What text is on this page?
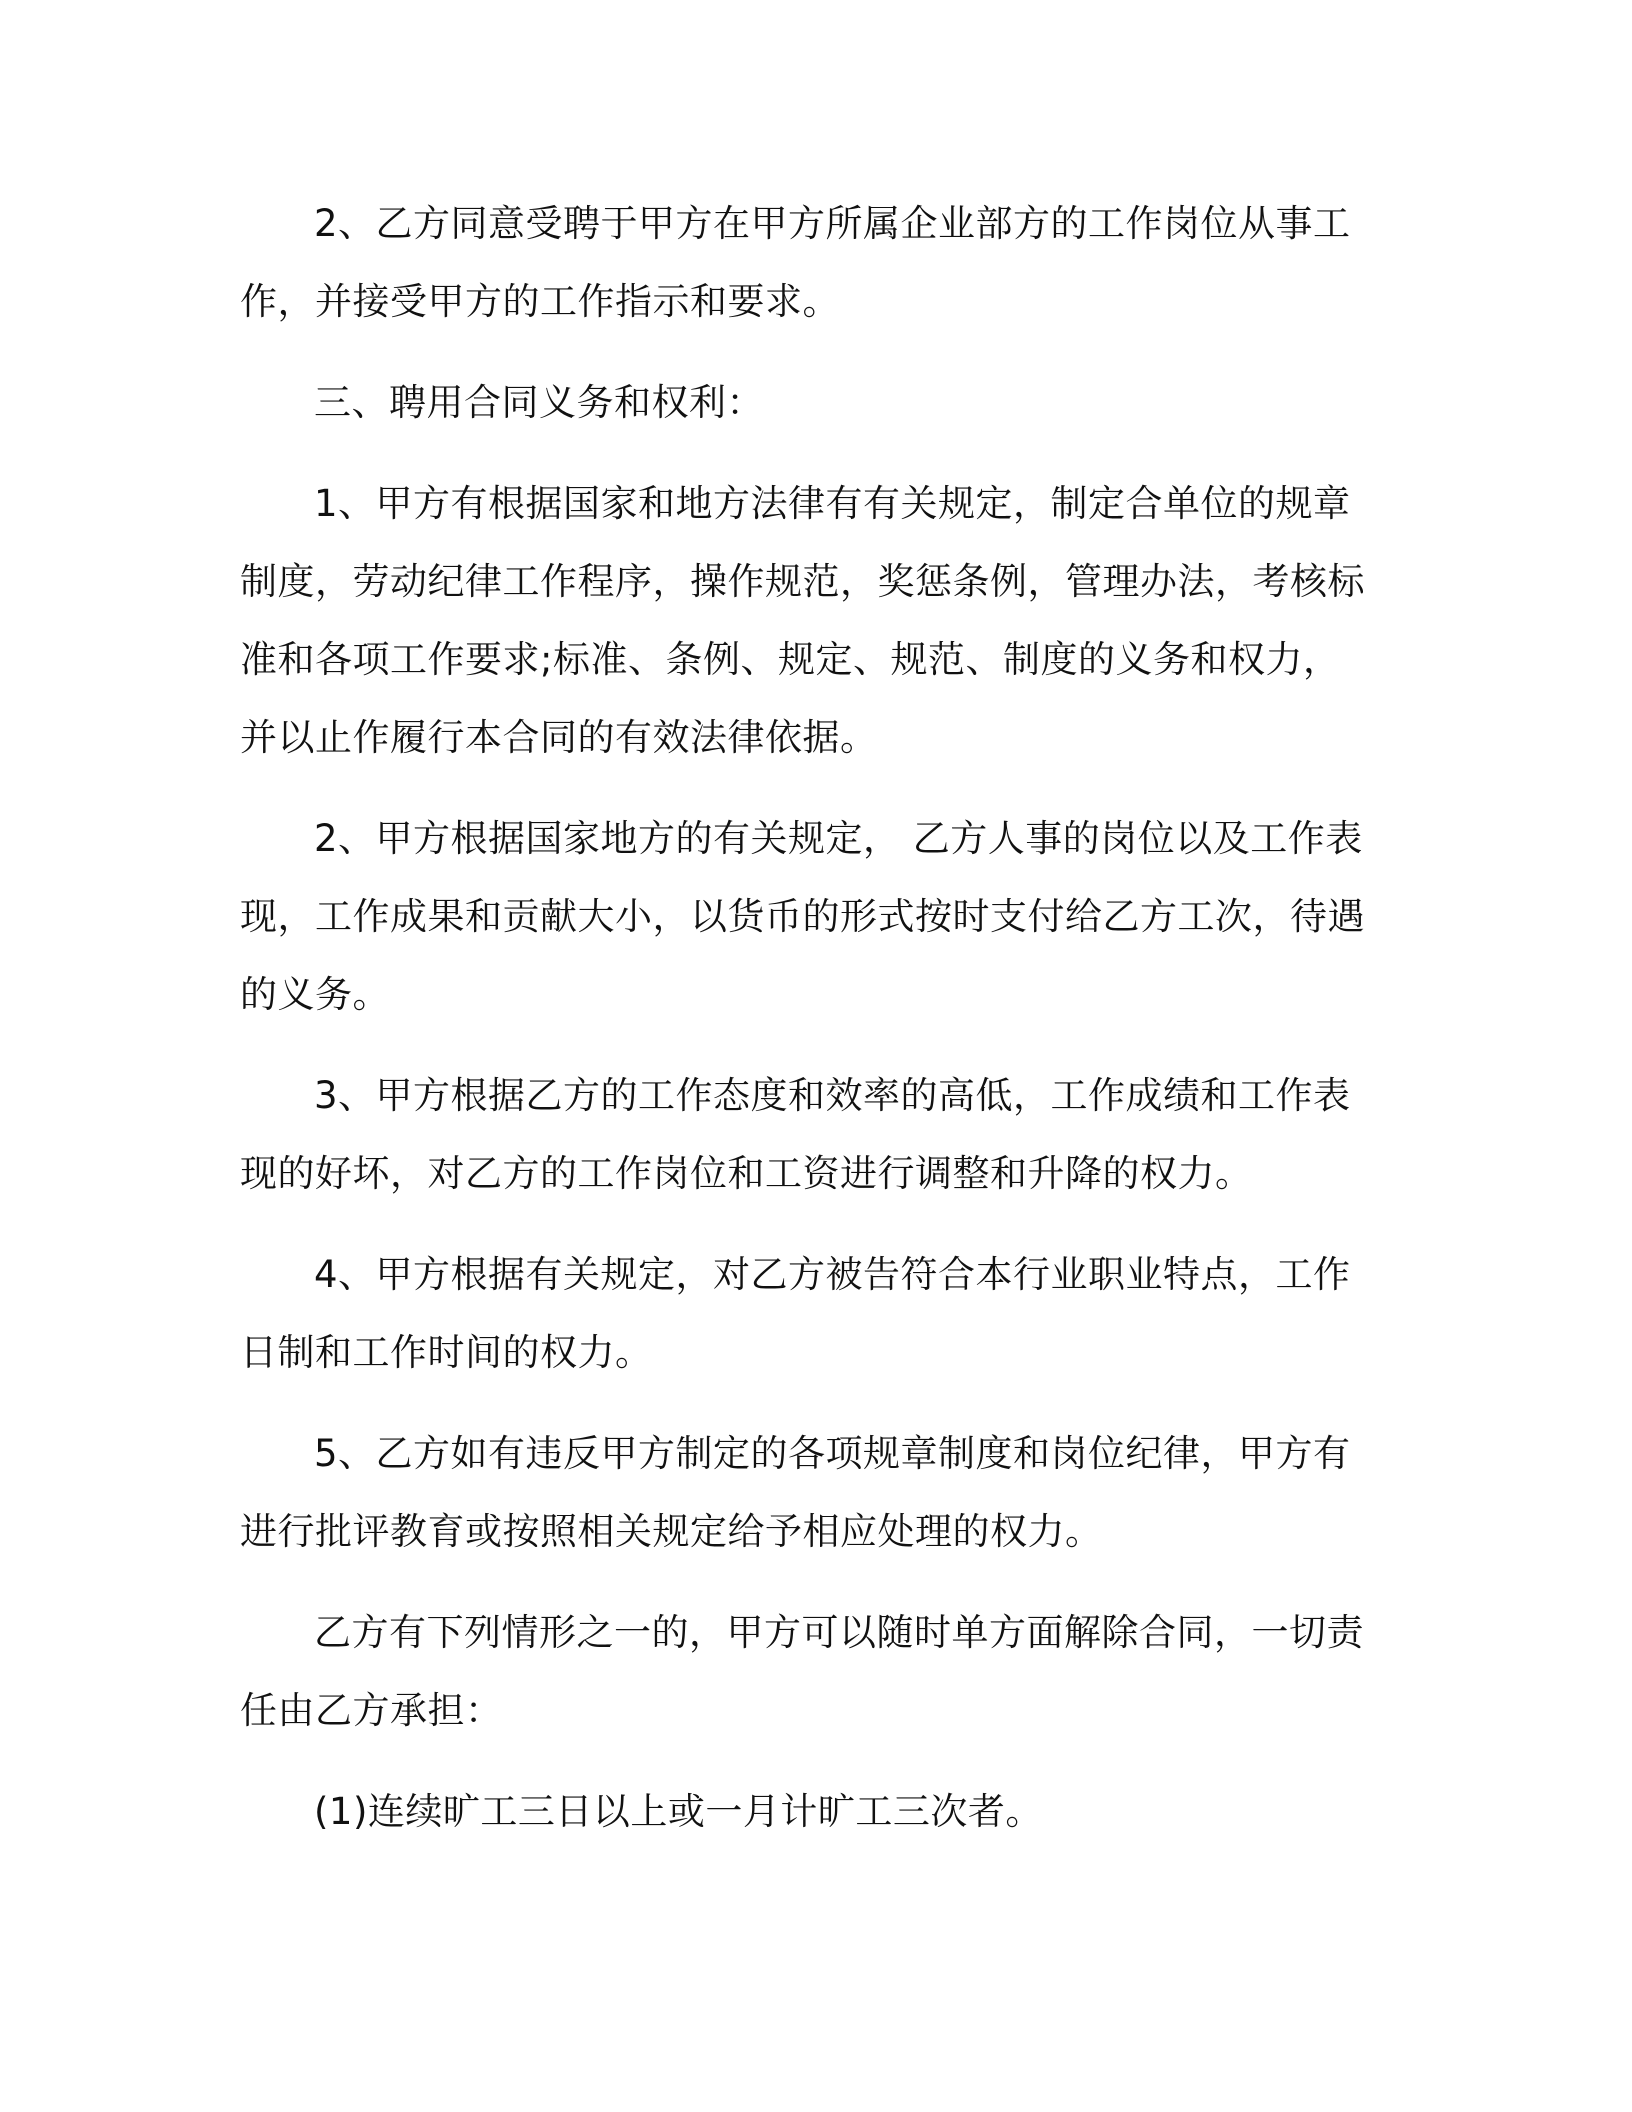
2、乙方同意受聘于甲方在甲方所属企业部方的工作岗位从事工作，并接受甲方的工作指示和要求。

三、聘用合同义务和权利：

1、甲方有根据国家和地方法律有有关规定，制定合单位的规章制度，劳动纪律工作程序，操作规范，奖惩条例，管理办法，考核标准和各项工作要求;标准、条例、规定、规范、制度的义务和权力，并以止作履行本合同的有效法律依据。

2、甲方根据国家地方的有关规定， 乙方人事的岗位以及工作表现，工作成果和贡献大小，以货币的形式按时支付给乙方工次，待遇的义务。

3、甲方根据乙方的工作态度和效率的高低，工作成绩和工作表现的好坏，对乙方的工作岗位和工资进行调整和升降的权力。

4、甲方根据有关规定，对乙方被告符合本行业职业特点，工作日制和工作时间的权力。

5、乙方如有违反甲方制定的各项规章制度和岗位纪律，甲方有进行批评教育或按照相关规定给予相应处理的权力。

乙方有下列情形之一的，甲方可以随时单方面解除合同，一切责任由乙方承担：

(1)连续旷工三日以上或一月计旷工三次者。
